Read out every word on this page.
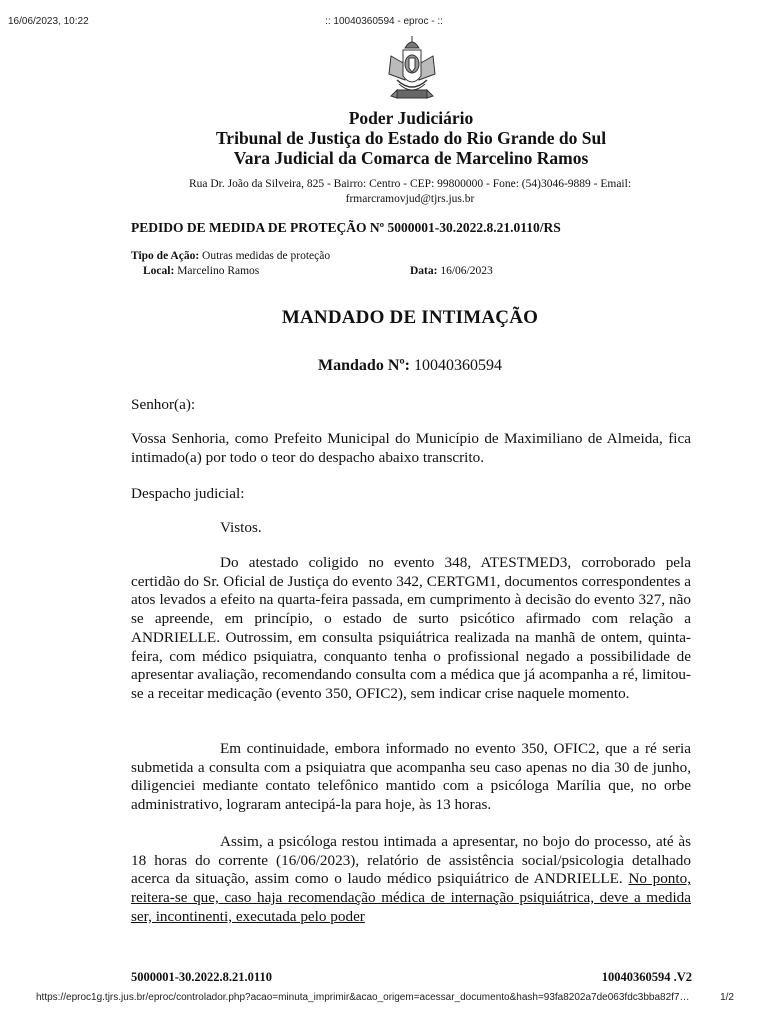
16/06/2023, 10:22	:: 10040360594 - eproc - ::
Poder Judiciário
Tribunal de Justiça do Estado do Rio Grande do Sul
Vara Judicial da Comarca de Marcelino Ramos
Rua Dr. João da Silveira, 825 - Bairro: Centro - CEP: 99800000 - Fone: (54)3046-9889 - Email:
frmarcramovjud@tjrs.jus.br
PEDIDO DE MEDIDA DE PROTEÇÃO Nº 5000001-30.2022.8.21.0110/RS
Tipo de Ação: Outras medidas de proteção
Local: Marcelino Ramos	Data: 16/06/2023
MANDADO DE INTIMAÇÃO
Mandado Nº: 10040360594
Senhor(a):
Vossa Senhoria, como Prefeito Municipal do Município de Maximiliano de Almeida, fica intimado(a) por todo o teor do despacho abaixo transcrito.
Despacho judicial:
Vistos.
Do atestado coligido no evento 348, ATESTMED3, corroborado pela certidão do Sr. Oficial de Justiça do evento 342, CERTGM1, documentos correspondentes a atos levados a efeito na quarta-feira passada, em cumprimento à decisão do evento 327, não se apreende, em princípio, o estado de surto psicótico afirmado com relação a ANDRIELLE. Outrossim, em consulta psiquiátrica realizada na manhã de ontem, quinta-feira, com médico psiquiatra, conquanto tenha o profissional negado a possibilidade de apresentar avaliação, recomendando consulta com a médica que já acompanha a ré, limitou-se a receitar medicação (evento 350, OFIC2), sem indicar crise naquele momento.
Em continuidade, embora informado no evento 350, OFIC2, que a ré seria submetida a consulta com a psiquiatra que acompanha seu caso apenas no dia 30 de junho, diligenciei mediante contato telefônico mantido com a psicóloga Marília que, no orbe administrativo, lograram antecipá-la para hoje, às 13 horas.
Assim, a psicóloga restou intimada a apresentar, no bojo do processo, até às 18 horas do corrente (16/06/2023), relatório de assistência social/psicologia detalhado acerca da situação, assim como o laudo médico psiquiátrico de ANDRIELLE. No ponto, reitera-se que, caso haja recomendação médica de internação psiquiátrica, deve a medida ser, incontinenti, executada pelo poder
5000001-30.2022.8.21.0110	10040360594 .V2
https://eproc1g.tjrs.jus.br/eproc/controlador.php?acao=minuta_imprimir&acao_origem=acessar_documento&hash=93fa8202a7de063fdc3bba82f7…	1/2
